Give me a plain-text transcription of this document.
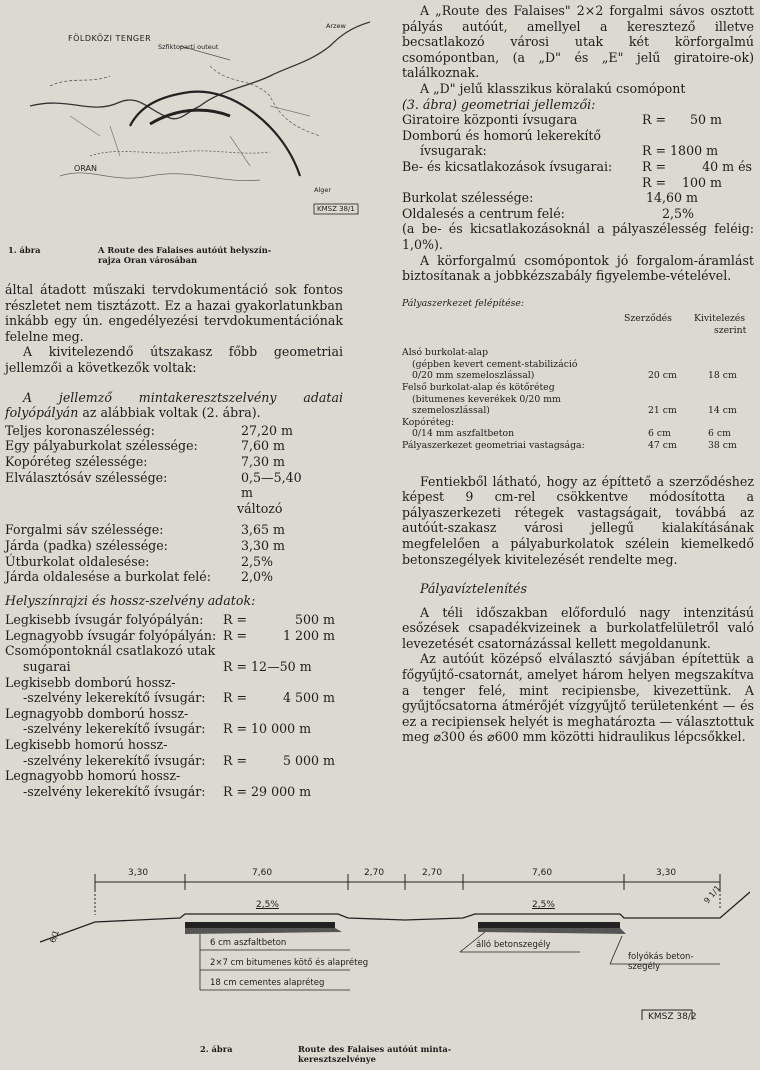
FÖLDKÖZI TENGER
Szfiktoparti outeut
Arzew
ORAN
Alger
KMSZ 38/1
1. ábra	A Route des Falaises autóút helyszín-rajza Oran városában

által átadott műszaki tervdokumentáció sok fontos részletet nem tisztázott. Ez a hazai gyakorlatunkban inkább egy ún. engedélyezési tervdokumentációnak felelne meg.

A kivitelezendő útszakasz főbb geometriai jellemzői a következők voltak:

A jellemző mintakeresztszelvény adatai folyópályán az alábbiak voltak (2. ábra).

Teljes koronaszélesség:	27,20 m
Egy pályaburkolat szélessége:	7,60 m
Kopóréteg szélessége:	7,30 m
Elválasztósáv szélessége:	0,5—5,40 m
változó
Forgalmi sáv szélessége:	3,65 m
Járda (padka) szélessége:	3,30 m
Útburkolat oldalesése:	2,5%
Járda oldalesése a burkolat felé: 2,0%

Helyszínrajzi és hossz-szelvény adatok:

Legkisebb ívsugár folyópályán: R =	500 m
Legnagyobb ívsugár folyópályán: R =	1 200 m
Csomópontoknál csatlakozó utak
sugarai	R = 12—50 m
Legkisebb domború hossz-
-szelvény lekerekítő ívsugár: R =	4 500 m
Legnagyobb domború hossz-
-szelvény lekerekítő ívsugár: R = 10 000 m
Legkisebb homorú hossz-
-szelvény lekerekítő ívsugár: R =	5 000 m
Legnagyobb homorú hossz-
-szelvény lekerekítő ívsugár: R = 29 000 m

A „Route des Falaises" 2×2 forgalmi sávos osztott pályás autóút, amellyel a keresztező illetve becsatlakozó városi utak két körforgalmú csomópontban, (a „D" és „E" jelű giratoire-ok) találkoznak.

A „D" jelű klasszikus köralakú csomópont

(3. ábra) geometriai jellemzői:

Giratoire központi ívsugara	R = 50 m
Domború és homorú lekerekítő
ívsugarak:	R = 1800 m
Be- és kicsatlakozások ívsugarai: R =	40 m és
R = 100 m
Burkolat szélessége:	14,60 m
Oldalesés a centrum felé:	2,5%

(a be- és kicsatlakozásoknál a pályaszélesség feléig: 1,0%).

A körforgalmú csomópontok jó forgalom-áramlást biztosítanak a jobbkézszabály figyelembe-vételével.

Pályaszerkezet felépítése:
Szerződés Kivitelezés
szerint
Alsó burkolat-alap
(gépben kevert cement-stabilizáció
0/20 mm szemeloszlással)	20 cm	18 cm
Felső burkolat-alap és kötőréteg
(bitumenes keverékek 0/20 mm
szemeloszlással)	21 cm	14 cm
Kopóréteg:
0/14 mm aszfaltbeton	6 cm	6 cm
Pályaszerkezet geometriai vastagsága:	47 cm	38 cm

Fentiekből látható, hogy az építtető a szerződéshez képest 9 cm-rel csökkentve módosította a pályaszerkezeti rétegek vastagságait, továbbá az autóút-szakasz városi jellegű kialakításának megfelelően a pályaburkolatok szélein kiemelkedő betonszegélyek kivitelezését rendelte meg.

Pályavíztelenítés

A téli időszakban előforduló nagy intenzitású esőzések csapadékvizeinek a burkolatfelületről való levezetését csatornázással kellett megoldanunk.

Az autóút középső elválasztó sávjában építettük a főgyűjtő-csatornát, amelyet három helyen megszakítva a tenger felé, mint recipiensbe, kivezettünk. A gyűjtőcsatorna átmérőjét vízgyűjtő területenként — és ez a recipiensek helyét is meghatározta — választottuk meg ⌀300 és ⌀600 mm közötti hidraulikus lépcsőkkel.

3,30	7,60	2,70	2,70	7,60	3,30
2,5%	2,5%
6/1
9 1/1
6 cm aszfaltbeton
2×7 cm bitumenes kötő és alapréteg
18 cm cementes alapréteg
álló betonszegély
folyókás beton-szegély
KMSZ 38/2
2. ábra	Route des Falaises autóút minta-keresztszelvénye
